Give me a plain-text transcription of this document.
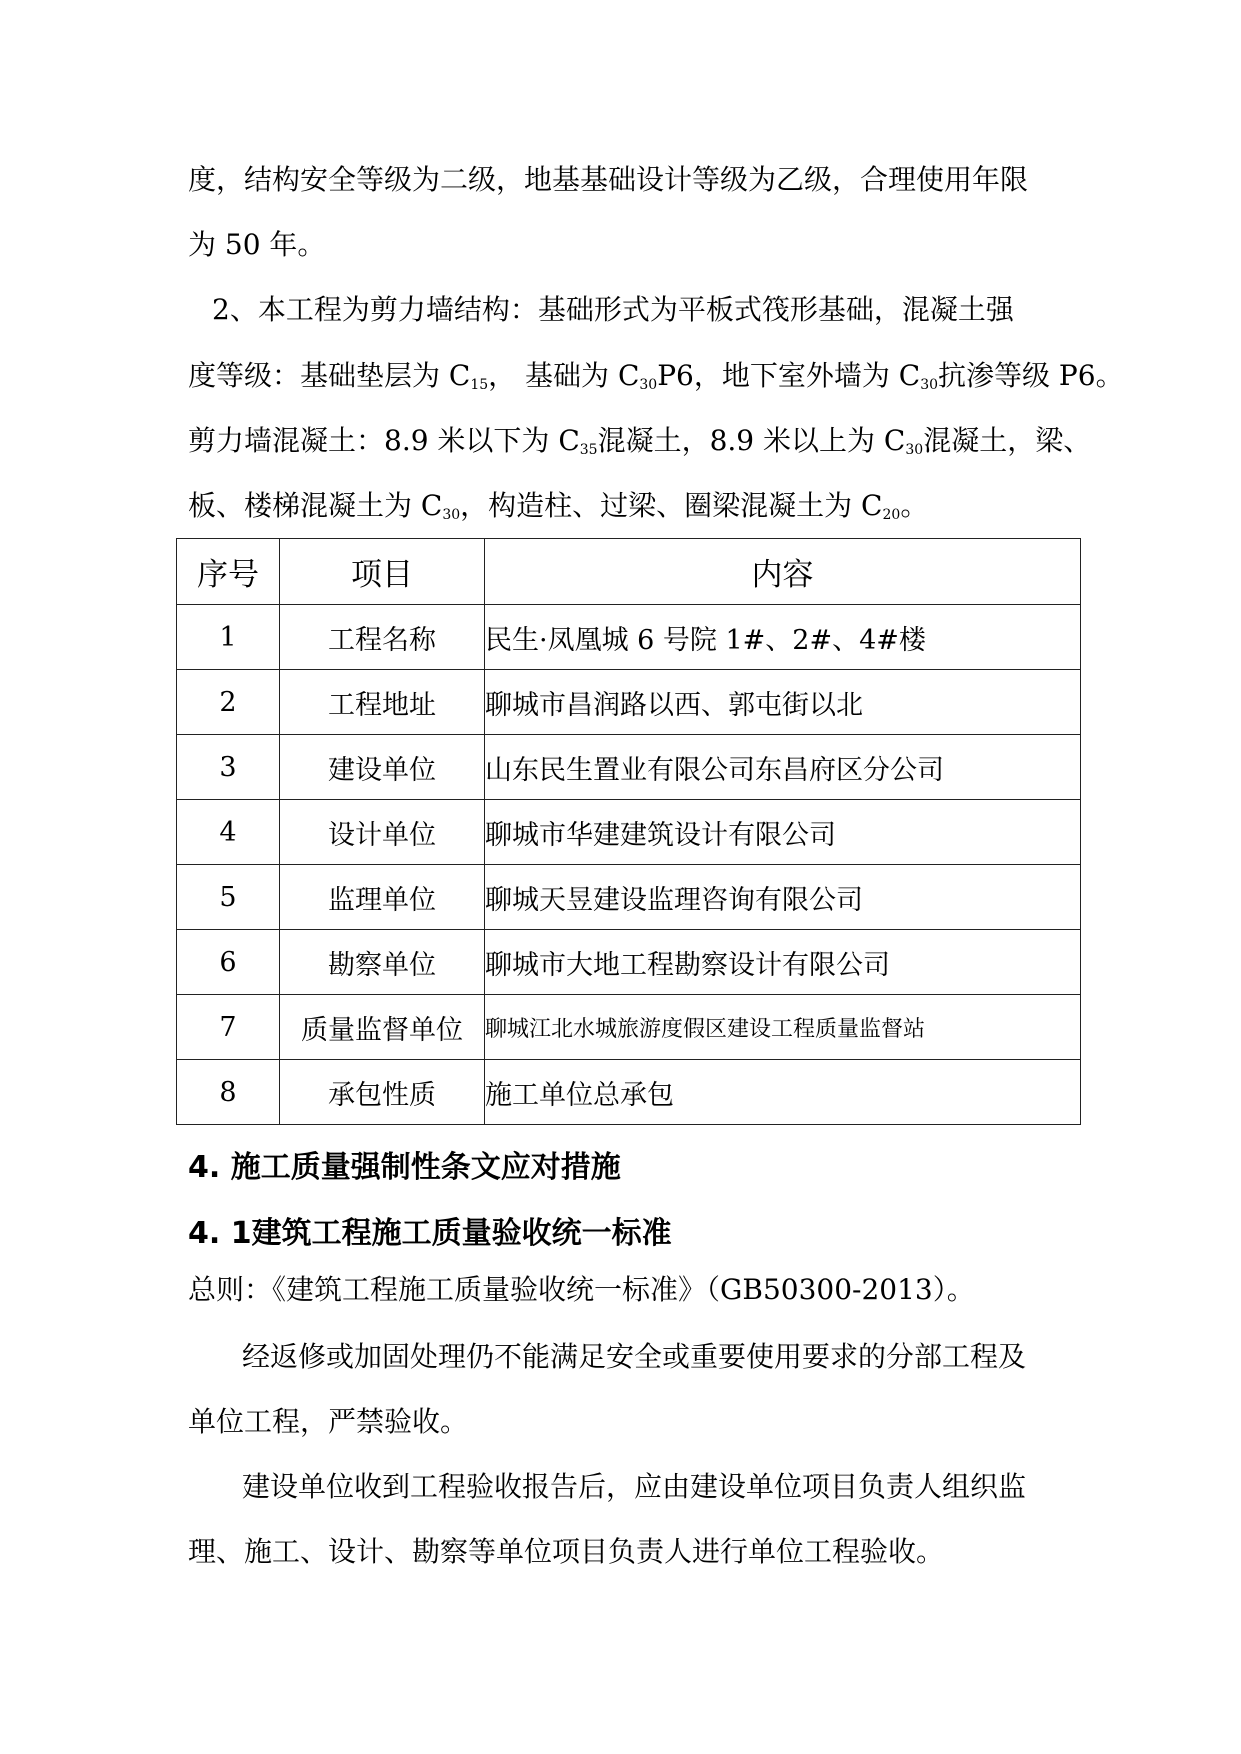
度，结构安全等级为二级，地基基础设计等级为乙级，合理使用年限
为 50 年。
2、本工程为剪力墙结构：基础形式为平板式筏形基础，混凝土强
度等级：基础垫层为 $C_{15}$， 基础为 $C_{30}P6$，地下室外墙为 $C_{30}$抗渗等级 P6。
剪力墙混凝土：8.9 米以下为 $C_{35}$混凝土，8.9 米以上为 $C_{30}$混凝土，梁、
板、楼梯混凝土为 $C_{30}$，构造柱、过梁、圈梁混凝土为 $C_{20}$。
序号	项目	内容
1	工程名称	民生·凤凰城 6 号院 1#、2#、4#楼
2	工程地址	聊城市昌润路以西、郭屯街以北
3	建设单位	山东民生置业有限公司东昌府区分公司
4	设计单位	聊城市华建建筑设计有限公司
5	监理单位	聊城天昱建设监理咨询有限公司
6	勘察单位	聊城市大地工程勘察设计有限公司
7	质量监督单位	聊城江北水城旅游度假区建设工程质量监督站
8	承包性质	施工单位总承包
4. 施工质量强制性条文应对措施
4. 1建筑工程施工质量验收统一标准
总则：《建筑工程施工质量验收统一标准》（GB50300-2013）。
经返修或加固处理仍不能满足安全或重要使用要求的分部工程及
单位工程，严禁验收。
建设单位收到工程验收报告后，应由建设单位项目负责人组织监
理、施工、设计、勘察等单位项目负责人进行单位工程验收。
